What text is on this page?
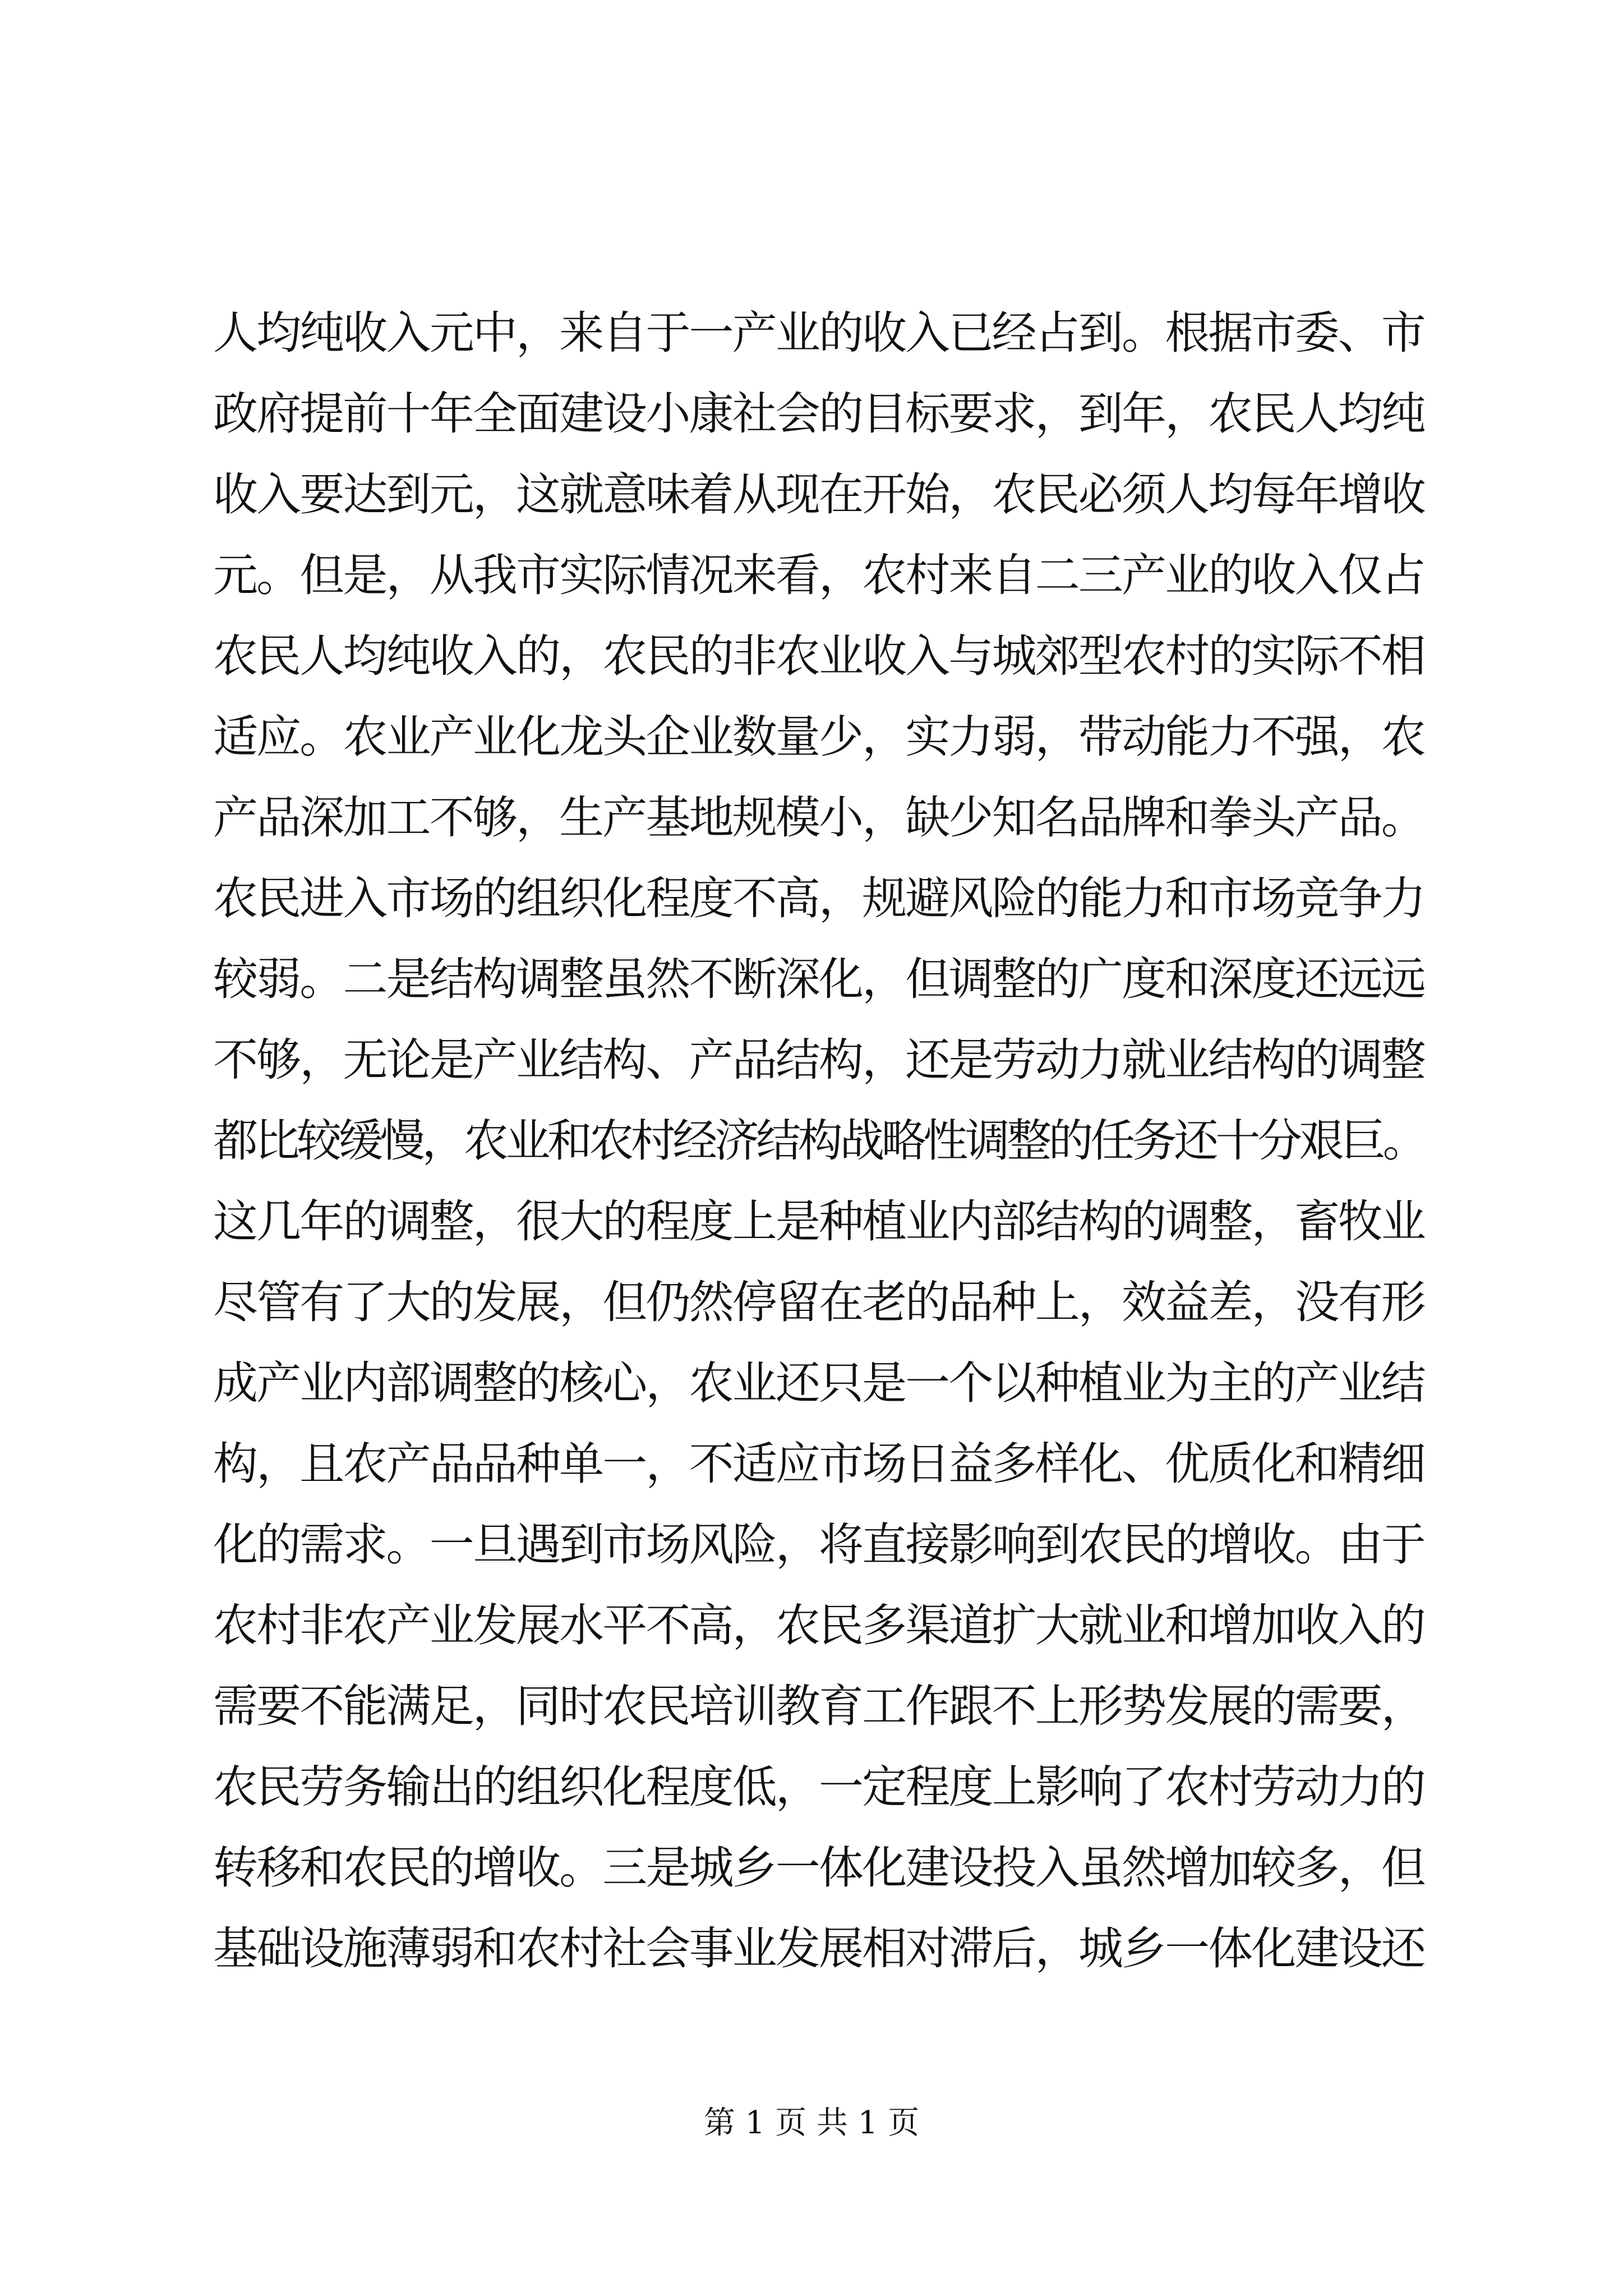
人均纯收入元中，来自于一产业的收入已经占到。根据市委、市
政府提前十年全面建设小康社会的目标要求，到年，农民人均纯
收入要达到元，这就意味着从现在开始，农民必须人均每年增收
元。但是，从我市实际情况来看，农村来自二三产业的收入仅占
农民人均纯收入的，农民的非农业收入与城郊型农村的实际不相
适应。农业产业化龙头企业数量少，实力弱，带动能力不强，农
产品深加工不够，生产基地规模小，缺少知名品牌和拳头产品。
农民进入市场的组织化程度不高，规避风险的能力和市场竞争力
较弱。二是结构调整虽然不断深化，但调整的广度和深度还远远
不够，无论是产业结构、产品结构，还是劳动力就业结构的调整
都比较缓慢，农业和农村经济结构战略性调整的任务还十分艰巨。
这几年的调整，很大的程度上是种植业内部结构的调整，畜牧业
尽管有了大的发展，但仍然停留在老的品种上，效益差，没有形
成产业内部调整的核心，农业还只是一个以种植业为主的产业结
构，且农产品品种单一，不适应市场日益多样化、优质化和精细
化的需求。一旦遇到市场风险，将直接影响到农民的增收。由于
农村非农产业发展水平不高，农民多渠道扩大就业和增加收入的
需要不能满足，同时农民培训教育工作跟不上形势发展的需要，
农民劳务输出的组织化程度低，一定程度上影响了农村劳动力的
转移和农民的增收。三是城乡一体化建设投入虽然增加较多，但
基础设施薄弱和农村社会事业发展相对滞后，城乡一体化建设还
第 1 页 共 1 页
